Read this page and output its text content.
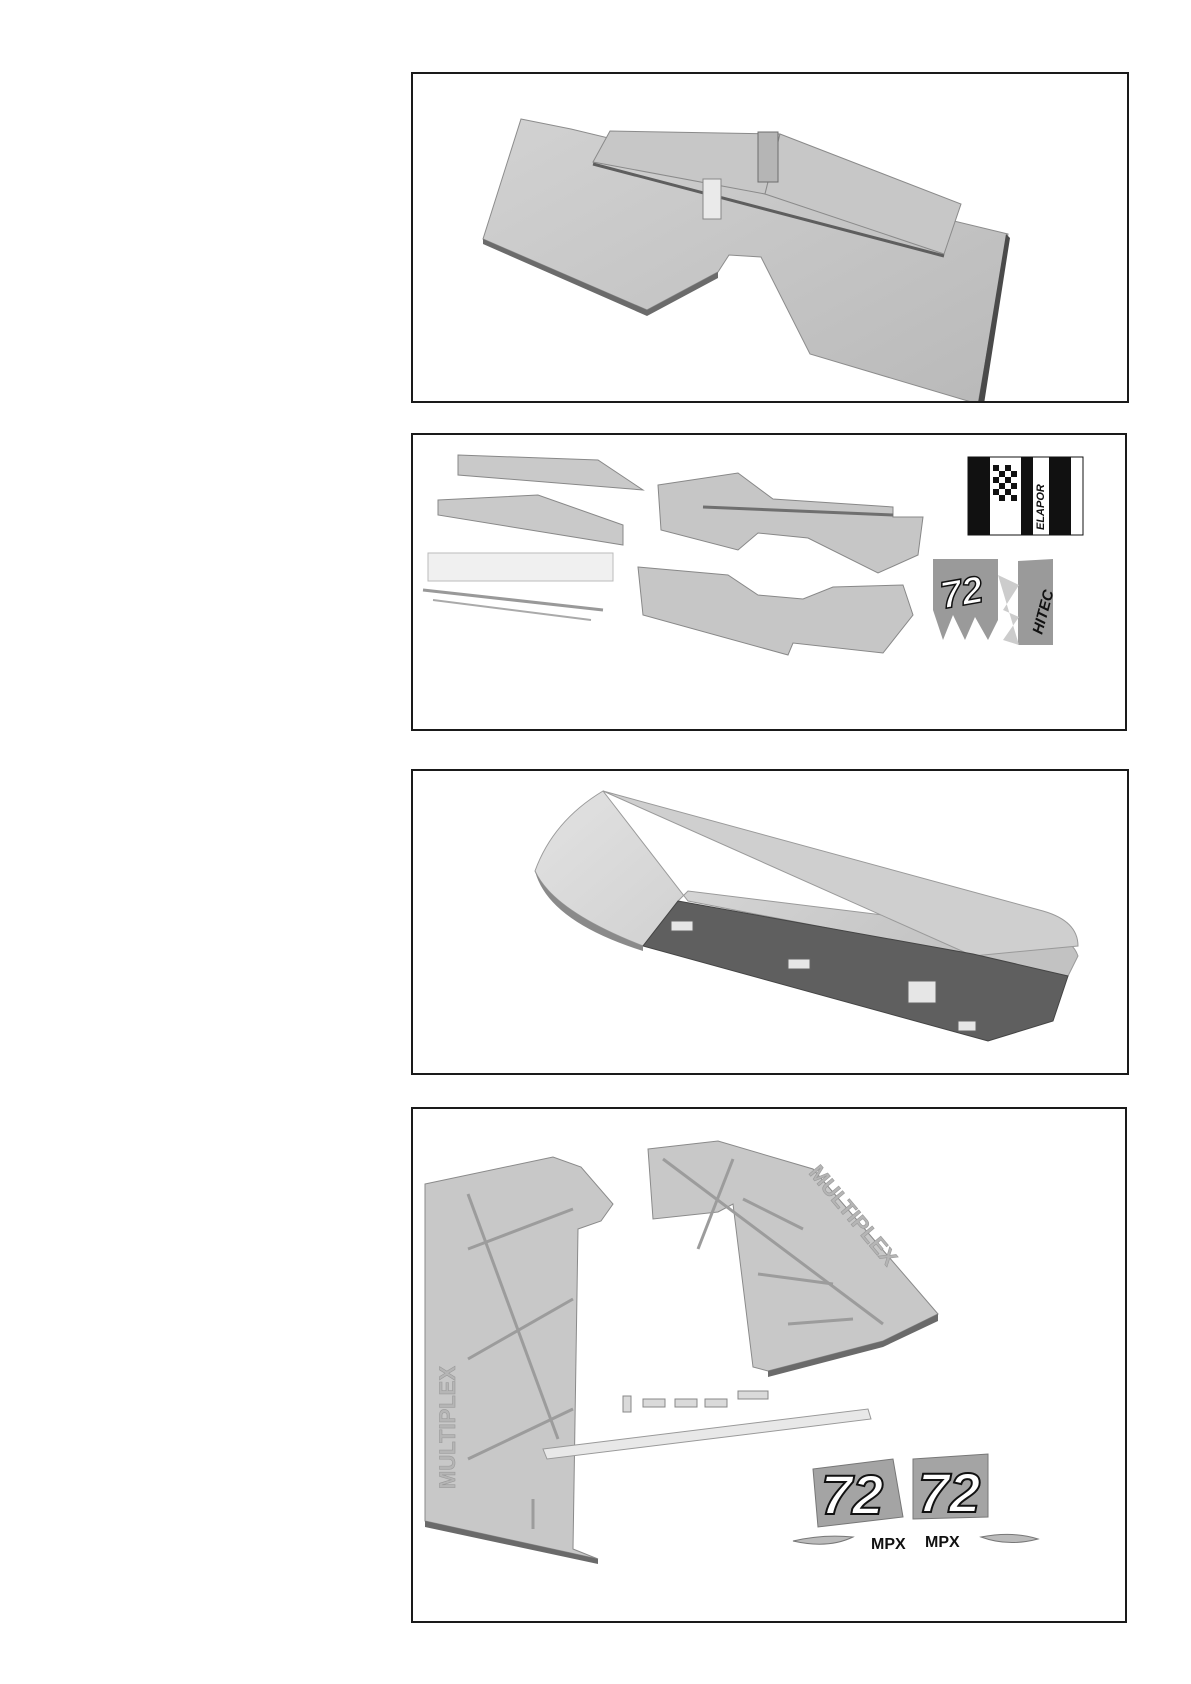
ELAPOR
72	HITEC
MULTIPLEX
MULTIPLEX
72 72
MPX MPX
